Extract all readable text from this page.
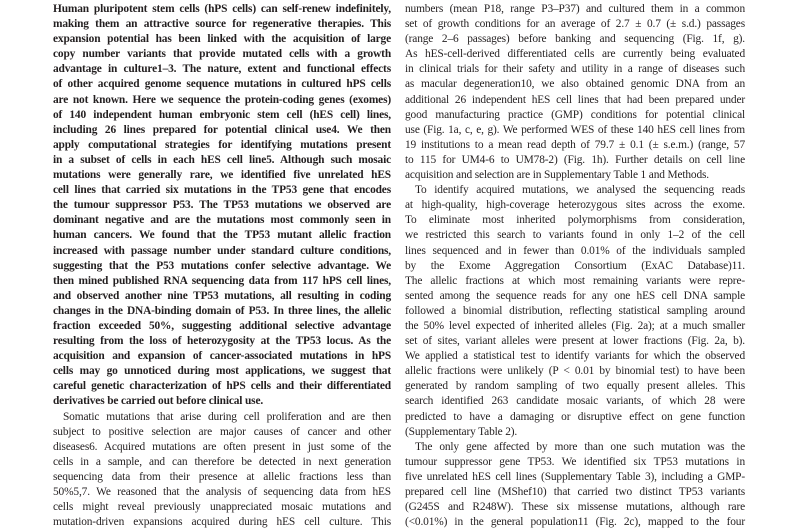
Human pluripotent stem cells (hPS cells) can self-renew indefinitely,
making them an attractive source for regenerative therapies. This
expansion potential has been linked with the acquisition of large
copy number variants that provide mutated cells with a growth
advantage in culture1–3. The nature, extent and functional effects
of other acquired genome sequence mutations in cultured hPS cells
are not known. Here we sequence the protein-coding genes (exomes)
of 140 independent human embryonic stem cell (hES cell) lines,
including 26 lines prepared for potential clinical use4. We then
apply computational strategies for identifying mutations present
in a subset of cells in each hES cell line5. Although such mosaic
mutations were generally rare, we identified five unrelated hES
cell lines that carried six mutations in the TP53 gene that encodes
the tumour suppressor P53. The TP53 mutations we observed are
dominant negative and are the mutations most commonly seen in
human cancers. We found that the TP53 mutant allelic fraction
increased with passage number under standard culture conditions,
suggesting that the P53 mutations confer selective advantage. We
then mined published RNA sequencing data from 117 hPS cell lines,
and observed another nine TP53 mutations, all resulting in coding
changes in the DNA-binding domain of P53. In three lines, the allelic
fraction exceeded 50%, suggesting additional selective advantage
resulting from the loss of heterozygosity at the TP53 locus. As the
acquisition and expansion of cancer-associated mutations in hPS
cells may go unnoticed during most applications, we suggest that
careful genetic characterization of hPS cells and their differentiated
derivatives be carried out before clinical use.
Somatic mutations that arise during cell proliferation and are then
subject to positive selection are major causes of cancer and other
diseases6. Acquired mutations are often present in just some of the
cells in a sample, and can therefore be detected in next generation
sequencing data from their presence at allelic fractions less than
50%5,7. We reasoned that the analysis of sequencing data from hES
cells might reveal previously unappreciated mosaic mutations and
mutation-driven expansions acquired during hES cell culture. This
numbers (mean P18, range P3–P37) and cultured them in a common
set of growth conditions for an average of 2.7 ± 0.7 (± s.d.) passages
(range 2–6 passages) before banking and sequencing (Fig. 1f, g).
As hES-cell-derived differentiated cells are currently being evaluated
in clinical trials for their safety and utility in a range of diseases such
as macular degeneration10, we also obtained genomic DNA from an
additional 26 independent hES cell lines that had been prepared under
good manufacturing practice (GMP) conditions for potential clinical
use (Fig. 1a, c, e, g). We performed WES of these 140 hES cell lines from
19 institutions to a mean read depth of 79.7 ± 0.1 (± s.e.m.) (range, 57
to 115 for UM4-6 to UM78-2) (Fig. 1h). Further details on cell line
acquisition and selection are in Supplementary Table 1 and Methods.
To identify acquired mutations, we analysed the sequencing reads
at high-quality, high-coverage heterozygous sites across the exome.
To eliminate most inherited polymorphisms from consideration,
we restricted this search to variants found in only 1–2 of the cell
lines sequenced and in fewer than 0.01% of the individuals sampled
by the Exome Aggregation Consortium (ExAC Database)11.
The allelic fractions at which most remaining variants were repre-
sented among the sequence reads for any one hES cell DNA sample
followed a binomial distribution, reflecting statistical sampling around
the 50% level expected of inherited alleles (Fig. 2a); at a much smaller
set of sites, variant alleles were present at lower fractions (Fig. 2a, b).
We applied a statistical test to identify variants for which the observed
allelic fractions were unlikely (P < 0.01 by binomial test) to have been
generated by random sampling of two equally present alleles. This
search identified 263 candidate mosaic variants, of which 28 were
predicted to have a damaging or disruptive effect on gene function
(Supplementary Table 2).
The only gene affected by more than one such mutation was the
tumour suppressor gene TP53. We identified six TP53 mutations in
five unrelated hES cell lines (Supplementary Table 3), including a GMP-
prepared cell line (MShef10) that carried two distinct TP53 variants
(G245S and R248W). These six missense mutations, although rare
(<0.01%) in the general population11 (Fig. 2c), mapped to the four
